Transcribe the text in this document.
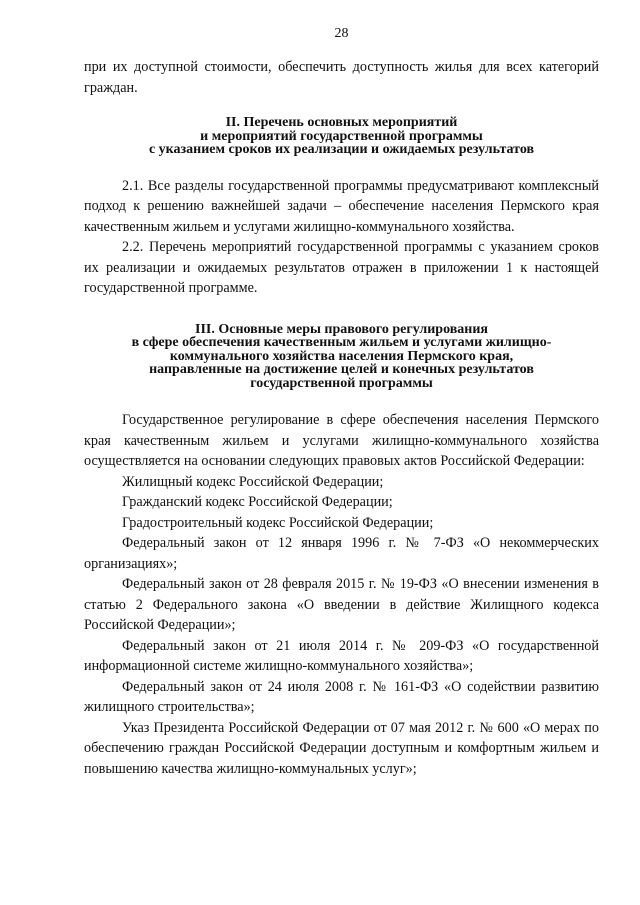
28

при их доступной стоимости, обеспечить доступность жилья для всех категорий граждан.

II. Перечень основных мероприятий

и мероприятий государственной программы

с указанием сроков их реализации и ожидаемых результатов

2.1. Все разделы государственной программы предусматривают комплексный подход к решению важнейшей задачи – обеспечение населения Пермского края качественным жильем и услугами жилищно-коммунального хозяйства.

2.2. Перечень мероприятий государственной программы с указанием сроков их реализации и ожидаемых результатов отражен в приложении 1 к настоящей государственной программе.

III. Основные меры правового регулирования

в сфере обеспечения качественным жильем и услугами жилищно-

коммунального хозяйства населения Пермского края,

направленные на достижение целей и конечных результатов

государственной программы

Государственное регулирование в сфере обеспечения населения Пермского края качественным жильем и услугами жилищно-коммунального хозяйства осуществляется на основании следующих правовых актов Российской Федерации:

Жилищный кодекс Российской Федерации;

Гражданский кодекс Российской Федерации;

Градостроительный кодекс Российской Федерации;

Федеральный закон от 12 января 1996 г. № 7-ФЗ «О некоммерческих организациях»;

Федеральный закон от 28 февраля 2015 г. № 19-ФЗ «О внесении изменения в статью 2 Федерального закона «О введении в действие Жилищного кодекса Российской Федерации»;

Федеральный закон от 21 июля 2014 г. № 209-ФЗ «О государственной информационной системе жилищно-коммунального хозяйства»;

Федеральный закон от 24 июля 2008 г. № 161-ФЗ «О содействии развитию жилищного строительства»;

Указ Президента Российской Федерации от 07 мая 2012 г. № 600 «О мерах по обеспечению граждан Российской Федерации доступным и комфортным жильем и повышению качества жилищно-коммунальных услуг»;
